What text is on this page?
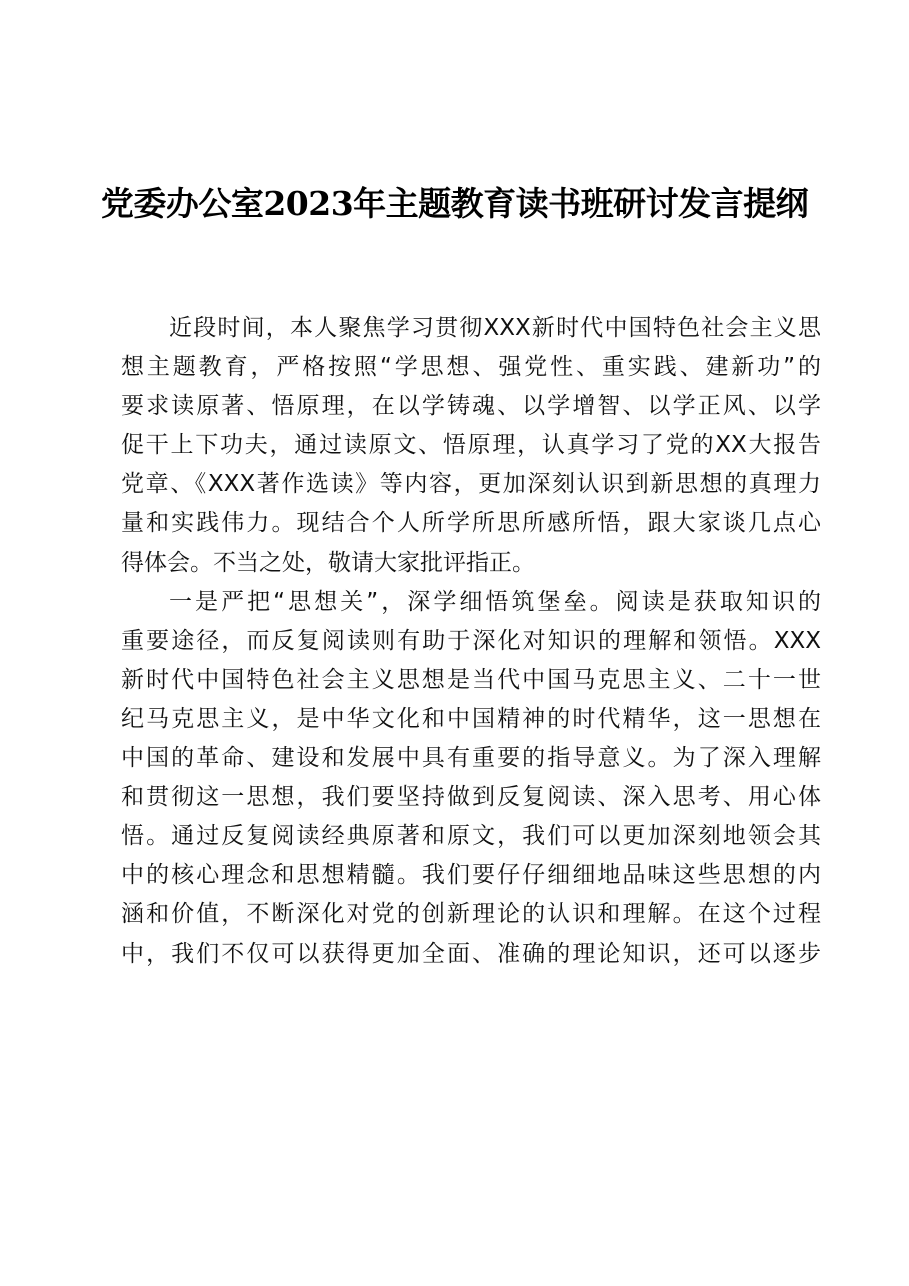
党委办公室2023年主题教育读书班研讨发言提纲
近段时间，本人聚焦学习贯彻XXX新时代中国特色社会主义思
想主题教育，严格按照“学思想、强党性、重实践、建新功”的
要求读原著、悟原理，在以学铸魂、以学增智、以学正风、以学
促干上下功夫，通过读原文、悟原理，认真学习了党的XX大报告
党章、《XXX著作选读》等内容，更加深刻认识到新思想的真理力
量和实践伟力。现结合个人所学所思所感所悟，跟大家谈几点心
得体会。不当之处，敬请大家批评指正。
一是严把“思想关”，深学细悟筑堡垒。阅读是获取知识的
重要途径，而反复阅读则有助于深化对知识的理解和领悟。XXX
新时代中国特色社会主义思想是当代中国马克思主义、二十一世
纪马克思主义，是中华文化和中国精神的时代精华，这一思想在
中国的革命、建设和发展中具有重要的指导意义。为了深入理解
和贯彻这一思想，我们要坚持做到反复阅读、深入思考、用心体
悟。通过反复阅读经典原著和原文，我们可以更加深刻地领会其
中的核心理念和思想精髓。我们要仔仔细细地品味这些思想的内
涵和价值，不断深化对党的创新理论的认识和理解。在这个过程
中，我们不仅可以获得更加全面、准确的理论知识，还可以逐步
